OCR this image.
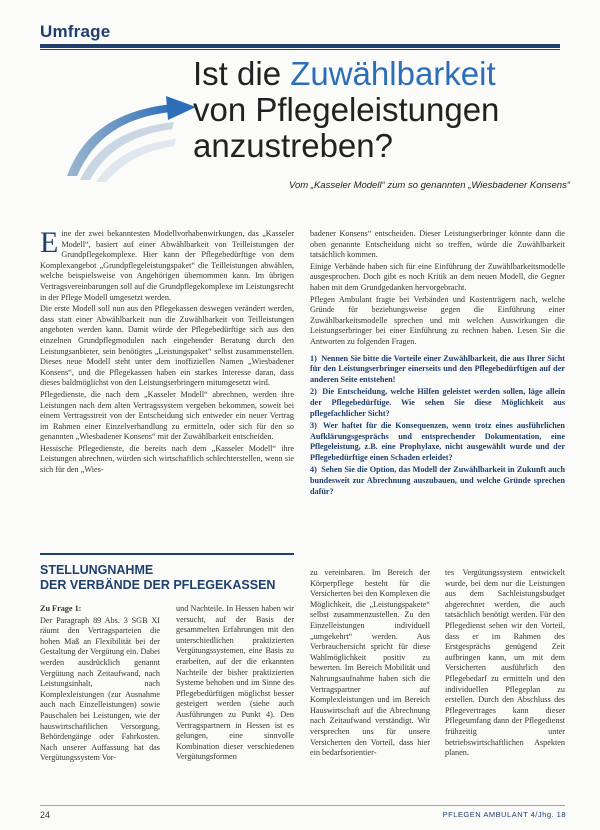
Umfrage
Ist die Zuwählbarkeit
von Pflegeleistungen
anzustreben?
Vom „Kasseler Modell“ zum so genannten „Wiesbadener Konsens“

Eine der zwei bekanntesten Modellvorhabenwirkungen, das „Kasseler Modell“, basiert auf einer Abwählbarkeit von Teilleistungen der Grundpflegekomplexe. Hier kann der Pflegebedürftige von dem Komplexangebot „Grundpflegeleistungspaket“ die Teilleistungen abwählen, welche beispielsweise von Angehörigen übernommen kann. Im übrigen Vertragsvereinbarungen soll auf die Grundpflegekomplexe im Leistungsrecht in der Pflege Modell umgesetzt werden.

Die erste Modell soll nun aus den Pflegekassen deswegen verändert werden, dass statt einer Abwählbarkeit nun die Zuwählbarkeit von Teilleistungen angeboten werden kann. Damit würde der Pflegebedürftige sich aus den einzelnen Grundpflegmodulen nach eingehender Beratung durch den Leistungsanbieter, sein benötigtes „Leistungspaket“ selbst zusammenstellen. Dieses neue Modell steht unter dem inoffiziellen Namen „Wiesbadener Konsens“, und die Pflegekassen haben ein starkes Interesse daran, dass dieses baldmöglichst von den Leistungserbringern mitumgesetzt wird.

Pflegedienste, die nach dem „Kasseler Modell“ abrechnen, werden ihre Leistungen nach dem alten Vertragssystem vergeben bekommen, soweit bei einem Vertragsstreit von der Entscheidung sich entweder ein neuer Vertrag im Rahmen einer Einzelverhandlung zu ermitteln, oder sich für den so genannten „Wiesbadener Konsens“ mit der Zuwählbarkeit entscheiden.

Hessische Pflegedienste, die bereits nach dem „Kasseler Modell“ ihre Leistungen abrechnen, würden sich wirtschaftlich schlechterstellen, wenn sie sich für den „Wies-

badener Konsens“ entscheiden. Dieser Leistungserbringer könnte dann die oben genannte Entscheidung nicht so treffen, würde die Zuwählbarkeit tatsächlich kommen.

Einige Verbände haben sich für eine Einführung der Zuwählbarkeitsmodelle ausgesprochen. Doch gibt es noch Kritik an dem neuen Modell, die Gegner haben mit dem Grundgedanken hervorgebracht.

Pflegen Ambulant fragte bei Verbänden und Kostenträgern nach, welche Gründe für beziehungsweise gegen die Einführung einer Zuwählbarkeitsmodelle sprechen und mit welchen Auswirkungen die Leistungserbringer bei einer Einführung zu rechnen haben. Lesen Sie die Antworten zu folgenden Fragen.

1) Nennen Sie bitte die Vorteile einer Zuwählbarkeit, die aus Ihrer Sicht für den Leistungserbringer einerseits und den Pflegebedürftigen auf der anderen Seite entstehen!
2) Die Entscheidung, welche Hilfen geleistet werden sollen, läge allein der Pflegebedürftige. Wie sehen Sie diese Möglichkeit aus pflegefachlicher Sicht?
3) Wer haftet für die Konsequenzen, wenn trotz eines ausführlichen Aufklärungsgesprächs und entsprechender Dokumentation, eine Pflegeleistung, z.B. eine Prophylaxe, nicht ausgewählt wurde und der Pflegebedürftige einen Schaden erleidet?
4) Sehen Sie die Option, das Modell der Zuwählbarkeit in Zukunft auch bundesweit zur Abrechnung auszubauen, und welche Gründe sprechen dafür?
STELLUNGNAHME
DER VERBÄNDE DER PFLEGEKASSEN

Zu Frage 1:

Der Paragraph 89 Abs. 3 SGB XI räumt den Vertragsparteien die hohen Maß an Flexibilität bei der Gestaltung der Vergütung ein. Dabei werden ausdrücklich genannt Vergütung nach Zeitaufwand, nach Leistungsinhalt, nach Komplexleistungen (zur Ausnahme auch nach Einzelleistungen) sowie Pauschalen bei Leistungen, wie der hauswirtschaftlichen Versorgung, Behördengänge oder Fahrkosten. Nach unserer Auffassung hat das Vergütungssystem Vor-

und Nachteile. In Hessen haben wir versucht, auf der Basis der gesammelten Erfahrungen mit den unterschiedlichen praktizierten Vergütungssystemen, eine Basis zu erarbeiten, auf der die erkannten Nachteile der bisher praktizierten Systeme behoben und im Sinne des Pflegebedürftigen möglichst besser gesteigert werden (siehe auch Ausführungen zu Punkt 4). Den Vertragspartnern in Hessen ist es gelungen, eine sinnvolle Kombination dieser verschiedenen Vergütungsformen

zu vereinbaren. Im Bereich der Körperpflege besteht für die Versicherten bei den Komplexen die Möglichkeit, die „Leistungspakete“ selbst zusammenzustellen. Zu den Einzelleistungen individuell „umgekehrt“ werden. Aus Verbrauchersicht spricht für diese Wahlmöglichkeit positiv zu bewerten. Im Bereich Mobilität und Nahrungsaufnahme haben sich die Vertragspartner auf Komplexleistungen und im Bereich Hauswirtschaft auf die Abrechnung nach Zeitaufwand verständigt. Wir versprechen uns für unsere Versicherten den Vorteil, dass hier ein bedarfsorientier-

tes Vergütungssystem entwickelt wurde, bei dem nur die Leistungen aus dem Sachleistungsbudget abgerechnet werden, die auch tatsächlich benötigt werden. Für den Pflegedienst sehen wir den Vorteil, dass er im Rahmen des Erstgesprächs genügend Zeit aufbringen kann, um mit dem Versicherten ausführlich den Pflegebedarf zu ermitteln und den individuellen Pflegeplan zu erstellen. Durch den Abschluss des Pflegevertrages kann dieser Pflegeumfang dann der Pflegedienst frühzeitig unter betriebswirtschaftlichen Aspekten planen.

24	PFLEGEN AMBULANT 4/Jhg. 18
